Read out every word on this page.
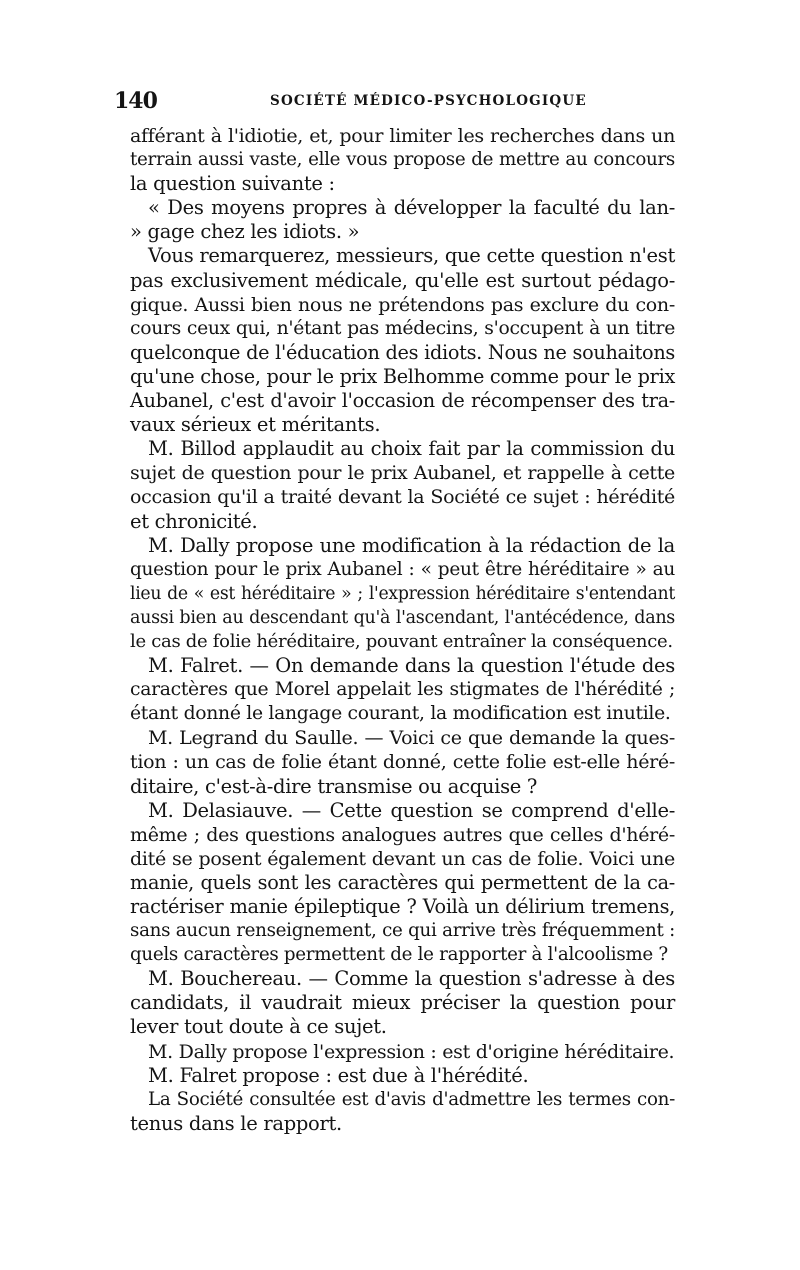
140	SOCIÉTÉ MÉDICO-PSYCHOLOGIQUE
afférant à l'idiotie, et, pour limiter les recherches dans un
terrain aussi vaste, elle vous propose de mettre au concours
la question suivante :
« Des moyens propres à développer la faculté du lan-
» gage chez les idiots. »
Vous remarquerez, messieurs, que cette question n'est
pas exclusivement médicale, qu'elle est surtout pédago-
gique. Aussi bien nous ne prétendons pas exclure du con-
cours ceux qui, n'étant pas médecins, s'occupent à un titre
quelconque de l'éducation des idiots. Nous ne souhaitons
qu'une chose, pour le prix Belhomme comme pour le prix
Aubanel, c'est d'avoir l'occasion de récompenser des tra-
vaux sérieux et méritants.
M. Billod applaudit au choix fait par la commission du
sujet de question pour le prix Aubanel, et rappelle à cette
occasion qu'il a traité devant la Société ce sujet : hérédité
et chronicité.
M. Dally propose une modification à la rédaction de la
question pour le prix Aubanel : « peut être héréditaire » au
lieu de « est héréditaire » ; l'expression héréditaire s'entendant
aussi bien au descendant qu'à l'ascendant, l'antécédence, dans
le cas de folie héréditaire, pouvant entraîner la conséquence.
M. Falret. — On demande dans la question l'étude des
caractères que Morel appelait les stigmates de l'hérédité ;
étant donné le langage courant, la modification est inutile.
M. Legrand du Saulle. — Voici ce que demande la ques-
tion : un cas de folie étant donné, cette folie est-elle héré-
ditaire, c'est-à-dire transmise ou acquise ?
M. Delasiauve. — Cette question se comprend d'elle-
même ; des questions analogues autres que celles d'héré-
dité se posent également devant un cas de folie. Voici une
manie, quels sont les caractères qui permettent de la ca-
ractériser manie épileptique ? Voilà un délirium tremens,
sans aucun renseignement, ce qui arrive très fréquemment :
quels caractères permettent de le rapporter à l'alcoolisme ?
M. Bouchereau. — Comme la question s'adresse à des
candidats, il vaudrait mieux préciser la question pour
lever tout doute à ce sujet.
M. Dally propose l'expression : est d'origine héréditaire.
M. Falret propose : est due à l'hérédité.
La Société consultée est d'avis d'admettre les termes con-
tenus dans le rapport.
